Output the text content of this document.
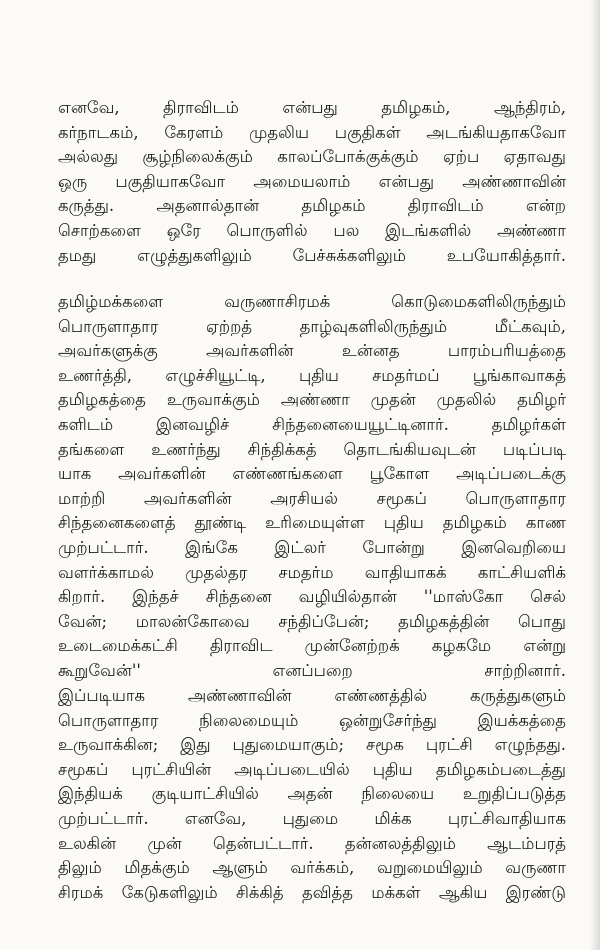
எனவே, திராவிடம் என்பது தமிழகம், ஆந்திரம்,
கர்நாடகம், கேரளம் முதலிய பகுதிகள் அடங்கியதாகவோ
அல்லது சூழ்நிலைக்கும் காலப்போக்குக்கும் ஏற்ப ஏதாவது
ஒரு பகுதியாகவோ அமையலாம் என்பது அண்ணாவின்
கருத்து. அதனால்தான் தமிழகம் திராவிடம் என்ற
சொற்களை ஒரே பொருளில் பல இடங்களில் அண்ணா
தமது எழுத்துகளிலும் பேச்சுக்களிலும் உபயோகித்தார்.
தமிழ்மக்களை வருணாசிரமக் கொடுமைகளிலிருந்தும்
பொருளாதார ஏற்றத் தாழ்வுகளிலிருந்தும் மீட்கவும்,
அவர்களுக்கு அவர்களின் உன்னத பாரம்பரியத்தை
உணர்த்தி, எழுச்சியூட்டி, புதிய சமதர்மப் பூங்காவாகத்
தமிழகத்தை உருவாக்கும் அண்ணா முதன் முதலில் தமிழர்
களிடம் இனவழிச் சிந்தனையையூட்டினார். தமிழர்கள்
தங்களை உணர்ந்து சிந்திக்கத் தொடங்கியவுடன் படிப்படி
யாக அவர்களின் எண்ணங்களை பூகோள அடிப்படைக்கு
மாற்றி அவர்களின் அரசியல் சமூகப் பொருளாதார
சிந்தனைகளைத் தூண்டி உரிமையுள்ள புதிய தமிழகம் காண
முற்பட்டார். இங்கே இட்லர் போன்று இனவெறியை
வளர்க்காமல் முதல்தர சமதர்ம வாதியாகக் காட்சியளிக்
கிறார். இந்தச் சிந்தனை வழியில்தான் ''மாஸ்கோ செல்
வேன்; மாலன்கோவை சந்திப்பேன்; தமிழகத்தின் பொது
உடைமைக்கட்சி திராவிட முன்னேற்றக் கழகமே என்று
கூறுவேன்'' எனப்பறை சாற்றினார்.
இப்படியாக அண்ணாவின் எண்ணத்தில் கருத்துகளும்
பொருளாதார நிலைமையும் ஒன்றுசேர்ந்து இயக்கத்தை
உருவாக்கின; இது புதுமையாகும்; சமூக புரட்சி எழுந்தது.
சமூகப் புரட்சியின் அடிப்படையில் புதிய தமிழகம்படைத்து
இந்தியக் குடியாட்சியில் அதன் நிலையை உறுதிப்படுத்த
முற்பட்டார். எனவே, புதுமை மிக்க புரட்சிவாதியாக
உலகின் முன் தென்பட்டார். தன்னலத்திலும் ஆடம்பரத்
திலும் மிதக்கும் ஆளும் வர்க்கம், வறுமையிலும் வருணா
சிரமக் கேடுகளிலும் சிக்கித் தவித்த மக்கள் ஆகிய இரண்டு
